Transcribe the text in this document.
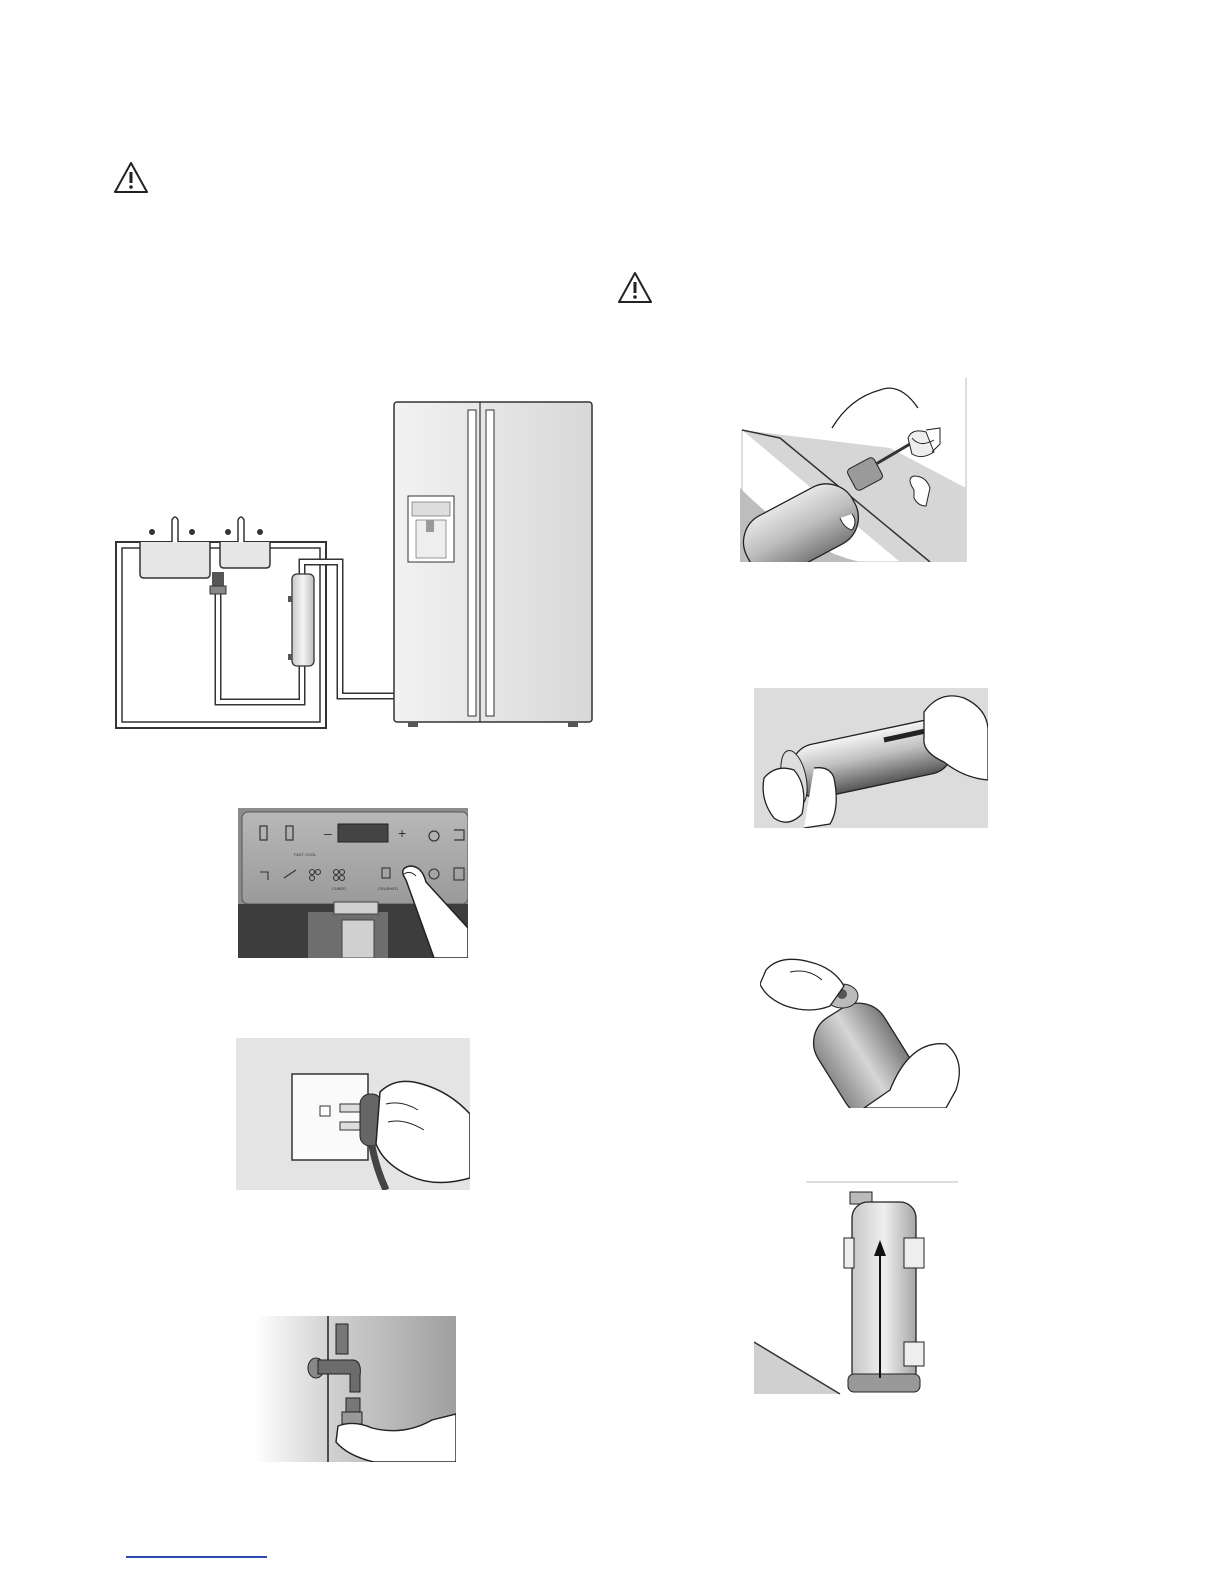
–	+
FAST COOL
CRUSHED
CUBED
